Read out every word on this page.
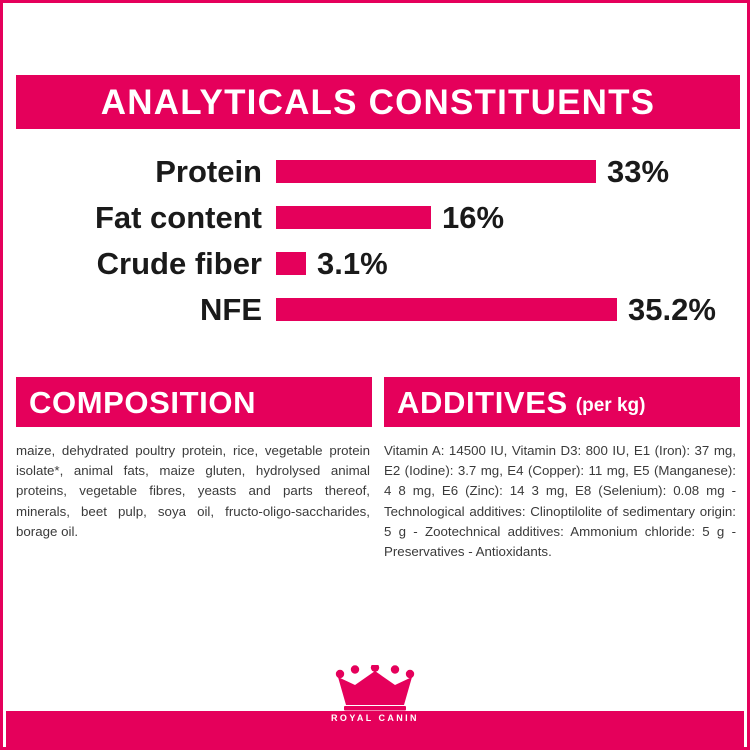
ANALYTICALS CONSTITUENTS
Protein	33%
Fat content	16%
Crude fiber	3.1%
NFE	35.2%
COMPOSITION
maize, dehydrated poultry protein, rice, vegetable protein isolate*, animal fats, maize gluten, hydrolysed animal proteins, vegetable fibres, yeasts and parts thereof, minerals, beet pulp, soya oil, fructo-oligo-saccharides, borage oil.
ADDITIVES (per kg)
Vitamin A: 14500 IU, Vitamin D3: 800 IU, E1 (Iron): 37 mg, E2 (Iodine): 3.7 mg, E4 (Copper): 11 mg, E5 (Manganese): 4 8 mg, E6 (Zinc): 14 3 mg, E8 (Selenium): 0.08 mg -Technological additives: Clinoptilolite of sedimentary origin: 5 g - Zootechnical additives: Ammonium chloride: 5 g - Preservatives - Antioxidants.
ROYAL CANIN
